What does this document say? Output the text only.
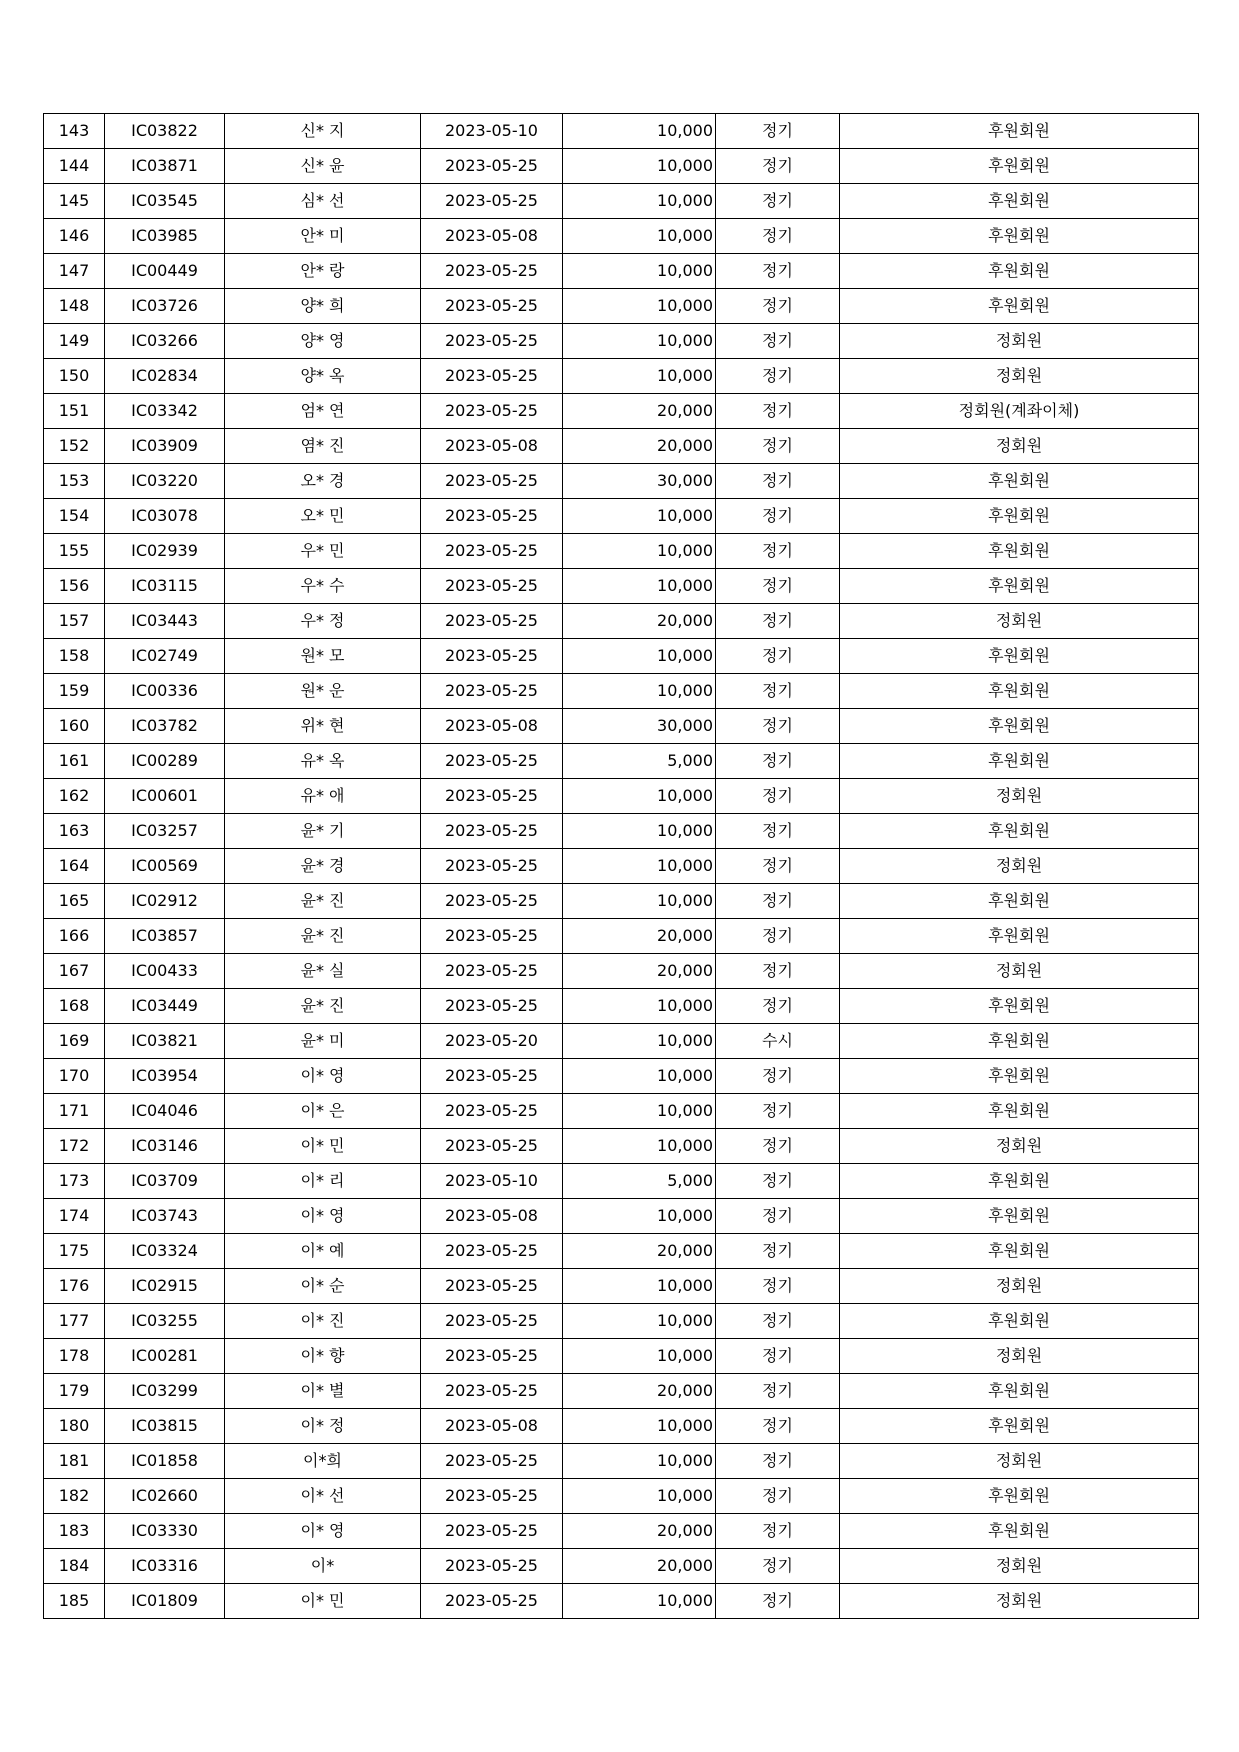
143	IC03822	신* 지	2023-05-10	10,000	정기	후원회원
144	IC03871	신* 윤	2023-05-25	10,000	정기	후원회원
145	IC03545	심* 선	2023-05-25	10,000	정기	후원회원
146	IC03985	안* 미	2023-05-08	10,000	정기	후원회원
147	IC00449	안* 랑	2023-05-25	10,000	정기	후원회원
148	IC03726	양* 희	2023-05-25	10,000	정기	후원회원
149	IC03266	양* 영	2023-05-25	10,000	정기	정회원
150	IC02834	양* 옥	2023-05-25	10,000	정기	정회원
151	IC03342	엄* 연	2023-05-25	20,000	정기	정회원(계좌이체)
152	IC03909	염* 진	2023-05-08	20,000	정기	정회원
153	IC03220	오* 경	2023-05-25	30,000	정기	후원회원
154	IC03078	오* 민	2023-05-25	10,000	정기	후원회원
155	IC02939	우* 민	2023-05-25	10,000	정기	후원회원
156	IC03115	우* 수	2023-05-25	10,000	정기	후원회원
157	IC03443	우* 정	2023-05-25	20,000	정기	정회원
158	IC02749	원* 모	2023-05-25	10,000	정기	후원회원
159	IC00336	원* 운	2023-05-25	10,000	정기	후원회원
160	IC03782	위* 현	2023-05-08	30,000	정기	후원회원
161	IC00289	유* 옥	2023-05-25	5,000	정기	후원회원
162	IC00601	유* 애	2023-05-25	10,000	정기	정회원
163	IC03257	윤* 기	2023-05-25	10,000	정기	후원회원
164	IC00569	윤* 경	2023-05-25	10,000	정기	정회원
165	IC02912	윤* 진	2023-05-25	10,000	정기	후원회원
166	IC03857	윤* 진	2023-05-25	20,000	정기	후원회원
167	IC00433	윤* 실	2023-05-25	20,000	정기	정회원
168	IC03449	윤* 진	2023-05-25	10,000	정기	후원회원
169	IC03821	윤* 미	2023-05-20	10,000	수시	후원회원
170	IC03954	이* 영	2023-05-25	10,000	정기	후원회원
171	IC04046	이* 은	2023-05-25	10,000	정기	후원회원
172	IC03146	이* 민	2023-05-25	10,000	정기	정회원
173	IC03709	이* 리	2023-05-10	5,000	정기	후원회원
174	IC03743	이* 영	2023-05-08	10,000	정기	후원회원
175	IC03324	이* 예	2023-05-25	20,000	정기	후원회원
176	IC02915	이* 순	2023-05-25	10,000	정기	정회원
177	IC03255	이* 진	2023-05-25	10,000	정기	후원회원
178	IC00281	이* 향	2023-05-25	10,000	정기	정회원
179	IC03299	이* 별	2023-05-25	20,000	정기	후원회원
180	IC03815	이* 정	2023-05-08	10,000	정기	후원회원
181	IC01858	이*희	2023-05-25	10,000	정기	정회원
182	IC02660	이* 선	2023-05-25	10,000	정기	후원회원
183	IC03330	이* 영	2023-05-25	20,000	정기	후원회원
184	IC03316	이*	2023-05-25	20,000	정기	정회원
185	IC01809	이* 민	2023-05-25	10,000	정기	정회원
